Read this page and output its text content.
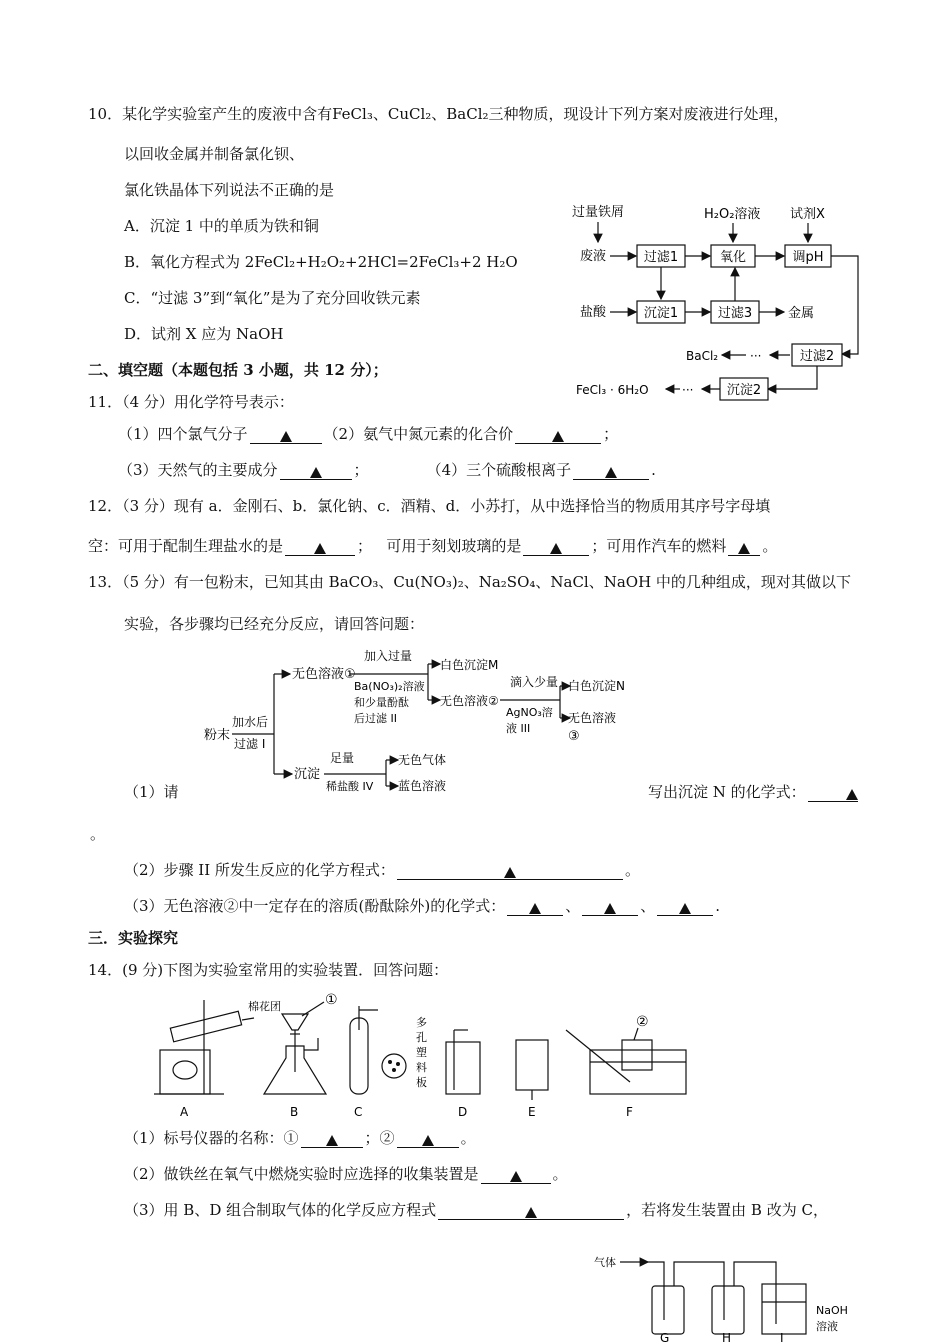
10．某化学实验室产生的废液中含有FeCl₃、CuCl₂、BaCl₂三种物质，现设计下列方案对废液进行处理，
以回收金属并制备氯化钡、
氯化铁晶体下列说法不正确的是
A．沉淀 1 中的单质为铁和铜
B．氧化方程式为 2FeCl₂+H₂O₂+2HCl=2FeCl₃+2 H₂O
C．“过滤 3”到“氧化”是为了充分回收铁元素
D．试剂 X 应为 NaOH
过量铁屑	H₂O₂溶液 试剂X
废液	过滤1	氧化	调pH
盐酸	沉淀1	过滤3	金属
BaCl₂	···	过滤2
沉淀2
···
FeCl₃ · 6H₂O
二、填空题（本题包括 3 小题，共 12 分）；
11．（4 分）用化学符号表示：
（1）四个氯气分子	（2）氨气中氮元素的化合价	；
（3）天然气的主要成分	；	（4）三个硫酸根离子	.
12．（3 分）现有 a．金刚石、b．氯化钠、c．酒精、d．小苏打，从中选择恰当的物质用其序号字母填
空：可用于配制生理盐水的是	；   可用于刻划玻璃的是	；可用作汽车的燃料 。
13．（5 分）有一包粉末，已知其由 BaCO₃、Cu(NO₃)₂、Na₂SO₄、NaCl、NaOH 中的几种组成，现对其做以下
实验，各步骤均已经充分反应，请回答问题：
粉末
加水后
过滤 I
无色溶液①
加入过量
Ba(NO₃)₂溶液
和少量酚酞
后过滤 II
白色沉淀M
无色溶液②
滴入少量
AgNO₃溶
液 III
白色沉淀N
无色溶液
③
沉淀
足量
稀盐酸 IV
无色气体
蓝色溶液
（1）请	写出沉淀 N 的化学式：
。
（2）步骤 II 所发生反应的化学方程式：	。
（3）无色溶液②中一定存在的溶质(酚酞除外)的化学式：	、	、	.
三．实验探究
14．(9 分)下图为实验室常用的实验装置．回答问题：
棉花团	①
多
孔
塑
料
板
②
A	B	C	D	E	F
（1）标号仪器的名称：①	；②	。
（2）做铁丝在氧气中燃烧实验时应选择的收集装置是	。
（3）用 B、D 组合制取气体的化学反应方程式	，若将发生装置由 B 改为 C，
气体
NaOH
溶液
G	H	I
